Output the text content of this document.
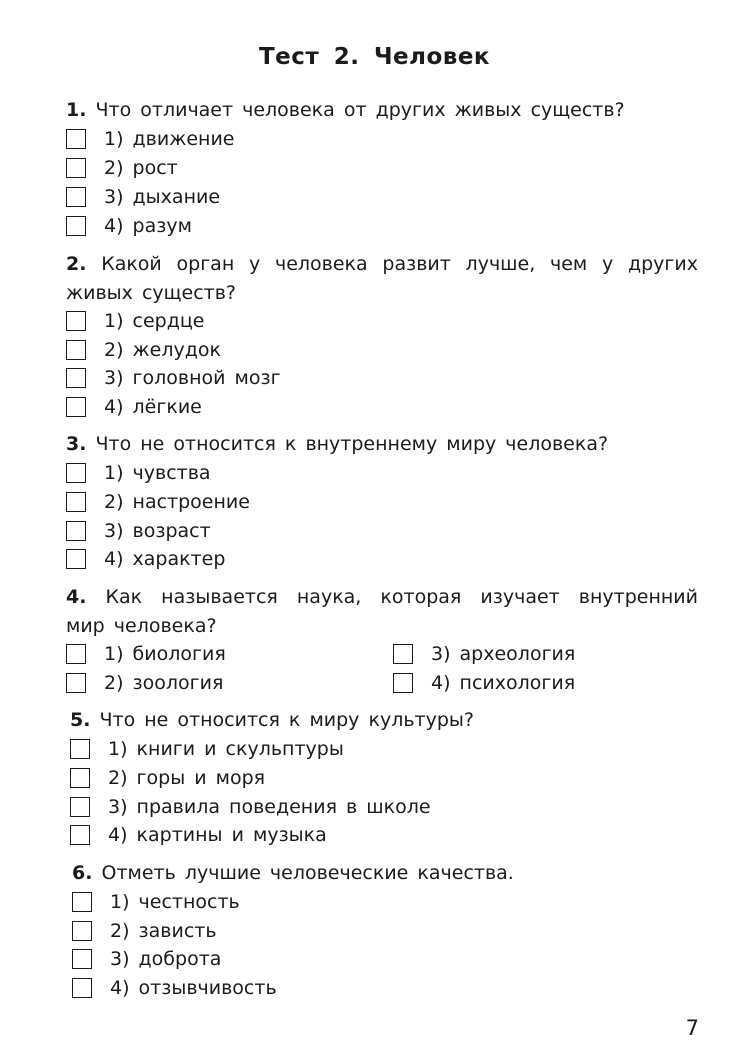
Тест 2. Человек
1. Что отличает человека от других живых существ?
1) движение
2) рост
3) дыхание
4) разум
2. Какой орган у человека развит лучше, чем у других
живых существ?
1) сердце
2) желудок
3) головной мозг
4) лёгкие
3. Что не относится к внутреннему миру человека?
1) чувства
2) настроение
3) возраст
4) характер
4. Как называется наука, которая изучает внутренний
мир человека?
1) биология
2) зоология
3) археология
4) психология
5. Что не относится к миру культуры?
1) книги и скульптуры
2) горы и моря
3) правила поведения в школе
4) картины и музыка
6. Отметь лучшие человеческие качества.
1) честность
2) зависть
3) доброта
4) отзывчивость
7
